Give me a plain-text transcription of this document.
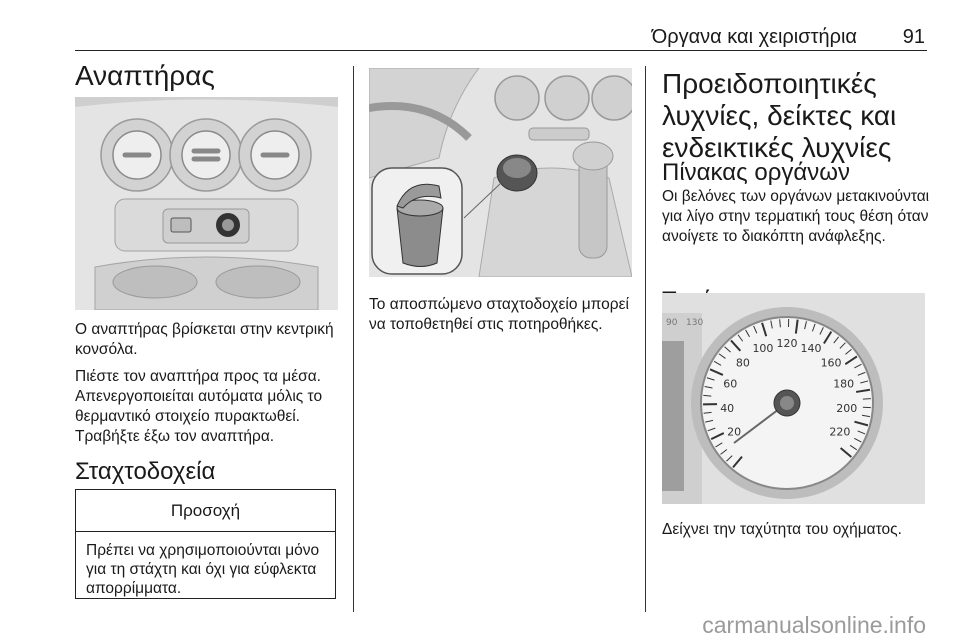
Όργανα και χειριστήρια 91
Αναπτήρας

Ο αναπτήρας βρίσκεται στην κεντρική κονσόλα.

Πιέστε τον αναπτήρα προς τα μέσα. Απενεργοποιείται αυτόματα μόλις το θερμαντικό στοιχείο πυρακτωθεί. Τραβήξτε έξω τον αναπτήρα.

Σταχτοδοχεία
Προσοχή
Πρέπει να χρησιμοποιούνται μόνο για τη στάχτη και όχι για εύφλεκτα απορρίμματα.

Το αποσπώμενο σταχτοδοχείο μπορεί να τοποθετηθεί στις ποτηροθήκες.

Προειδοποιητικές λυχνίες, δείκτες και ενδεικτικές λυχνίες
Πίνακας οργάνων

Οι βελόνες των οργάνων μετακινούνται για λίγο στην τερματική τους θέση όταν ανοίγετε το διακόπτη ανάφλεξης.

90 130
20
40
60
80
100 120 140
160
180
200
220

Δείχνει την ταχύτητα του οχήματος.

carmanualsonline.info
